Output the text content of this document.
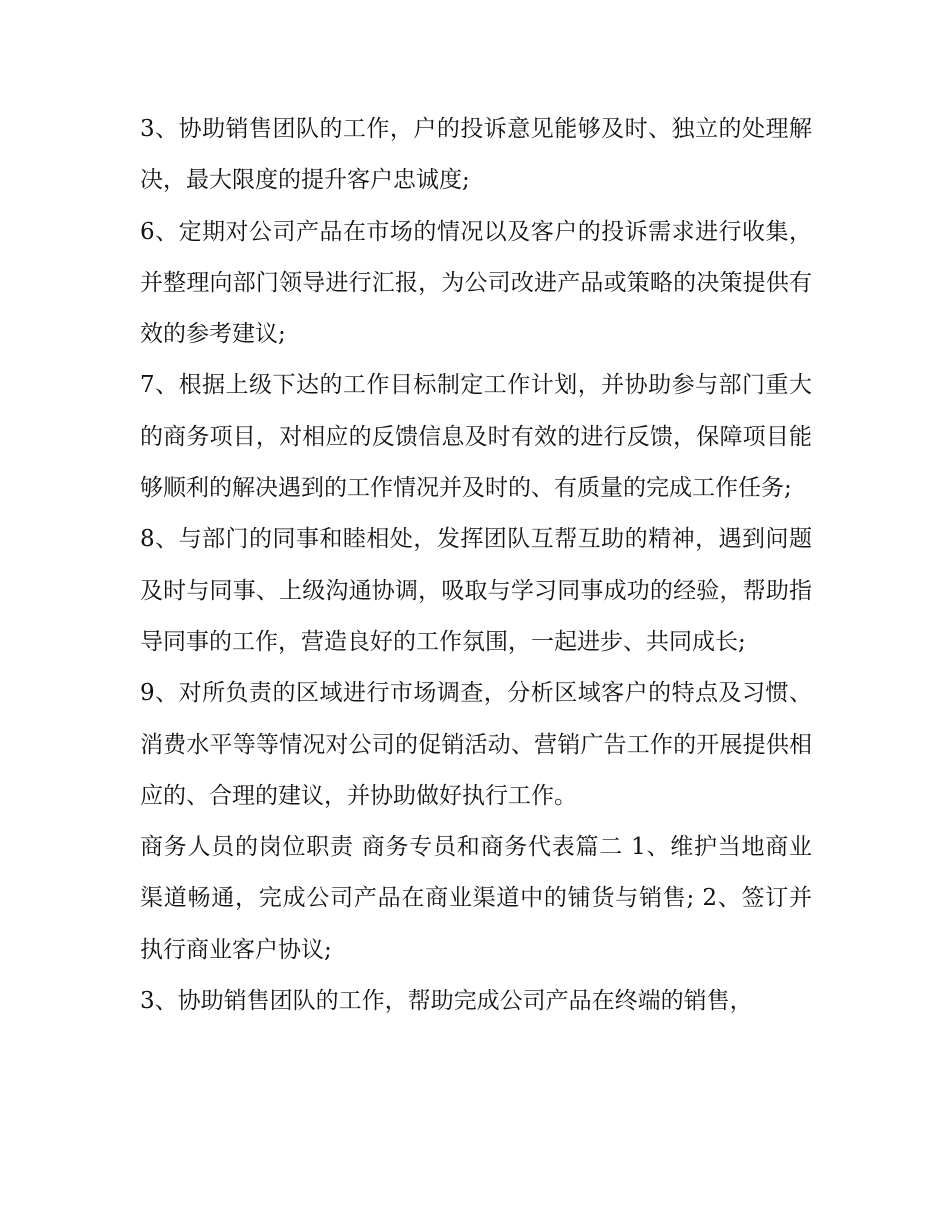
3、协助销售团队的工作，户的投诉意见能够及时、独立的处理解决，最大限度的提升客户忠诚度;

6、定期对公司产品在市场的情况以及客户的投诉需求进行收集，并整理向部门领导进行汇报，为公司改进产品或策略的决策提供有效的参考建议;

7、根据上级下达的工作目标制定工作计划，并协助参与部门重大的商务项目，对相应的反馈信息及时有效的进行反馈，保障项目能够顺利的解决遇到的工作情况并及时的、有质量的完成工作任务;

8、与部门的同事和睦相处，发挥团队互帮互助的精神，遇到问题及时与同事、上级沟通协调，吸取与学习同事成功的经验，帮助指导同事的工作，营造良好的工作氛围，一起进步、共同成长;

9、对所负责的区域进行市场调查，分析区域客户的特点及习惯、消费水平等等情况对公司的促销活动、营销广告工作的开展提供相应的、合理的建议，并协助做好执行工作。

商务人员的岗位职责 商务专员和商务代表篇二 1、维护当地商业渠道畅通，完成公司产品在商业渠道中的铺货与销售; 2、签订并执行商业客户协议;

3、协助销售团队的工作，帮助完成公司产品在终端的销售，
